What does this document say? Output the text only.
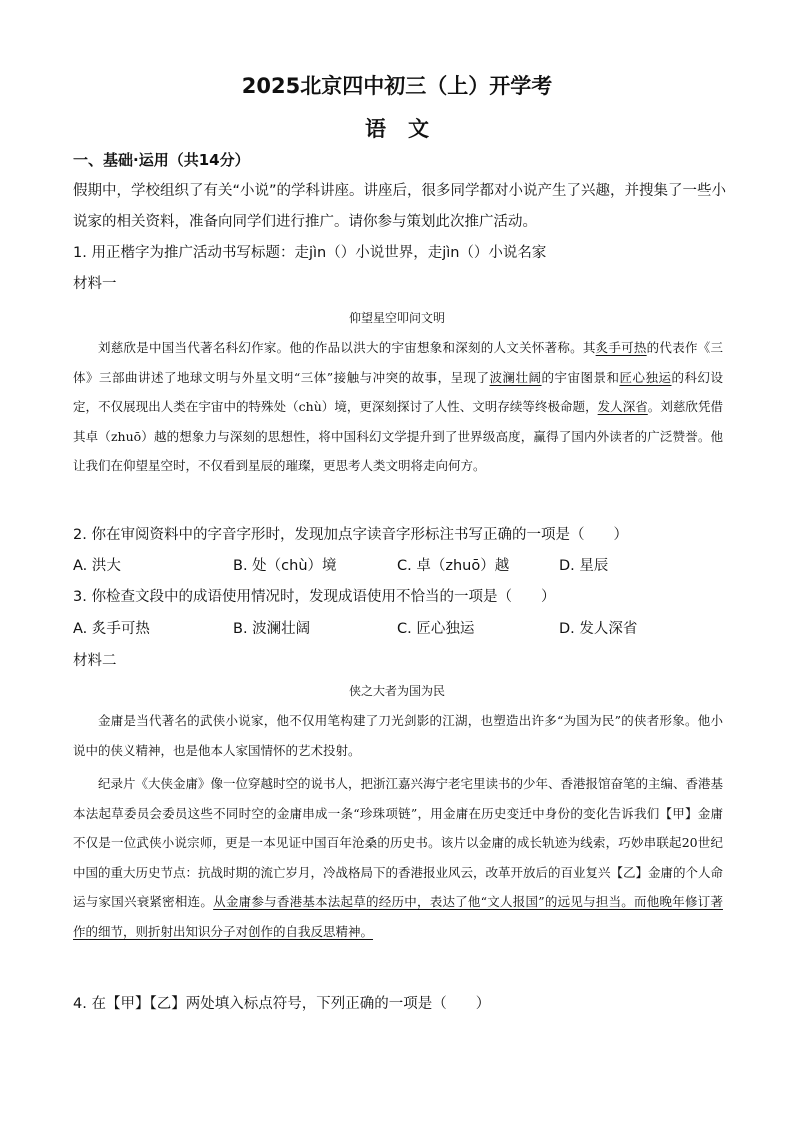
2025北京四中初三（上）开学考
语文
一、基础·运用（共14分）
假期中，学校组织了有关“小说”的学科讲座。讲座后，很多同学都对小说产生了兴趣，并搜集了一些小
说家的相关资料，准备向同学们进行推广。请你参与策划此次推广活动。
1. 用正楷字为推广活动书写标题：走jìn（）小说世界，走jìn（）小说名家
材料一
仰望星空叩问文明
刘慈欣是中国当代著名科幻作家。他的作品以洪大的宇宙想象和深刻的人文关怀著称。其炙手可热的代表作《三体》三部曲讲述了地球文明与外星文明“三体”接触与冲突的故事，呈现了波澜壮阔的宇宙图景和匠心独运的科幻设定，不仅展现出人类在宇宙中的特殊处（chù）境，更深刻探讨了人性、文明存续等终极命题，发人深省。刘慈欣凭借其卓（zhuō）越的想象力与深刻的思想性，将中国科幻文学提升到了世界级高度，赢得了国内外读者的广泛赞誉。他让我们在仰望星空时，不仅看到星辰的璀璨，更思考人类文明将走向何方。
2. 你在审阅资料中的字音字形时，发现加点字读音字形标注书写正确的一项是（　　）
A. 洪大	B. 处（chù）境	C. 卓（zhuō）越	D. 星辰
3. 你检查文段中的成语使用情况时，发现成语使用不恰当的一项是（　　）
A. 炙手可热	B. 波澜壮阔	C. 匠心独运	D. 发人深省
材料二
侠之大者为国为民
金庸是当代著名的武侠小说家，他不仅用笔构建了刀光剑影的江湖，也塑造出许多“为国为民”的侠者形象。他小说中的侠义精神，也是他本人家国情怀的艺术投射。
纪录片《大侠金庸》像一位穿越时空的说书人，把浙江嘉兴海宁老宅里读书的少年、香港报馆奋笔的主编、香港基本法起草委员会委员这些不同时空的金庸串成一条“珍珠项链”，用金庸在历史变迁中身份的变化告诉我们【甲】金庸不仅是一位武侠小说宗师，更是一本见证中国百年沧桑的历史书。该片以金庸的成长轨迹为线索，巧妙串联起20世纪中国的重大历史节点：抗战时期的流亡岁月，冷战格局下的香港报业风云，改革开放后的百业复兴【乙】金庸的个人命运与家国兴衰紧密相连。从金庸参与香港基本法起草的经历中，表达了他“文人报国”的远见与担当。而他晚年修订著作的细节，则折射出知识分子对创作的自我反思精神。
4. 在【甲】【乙】两处填入标点符号，下列正确的一项是（　　）
